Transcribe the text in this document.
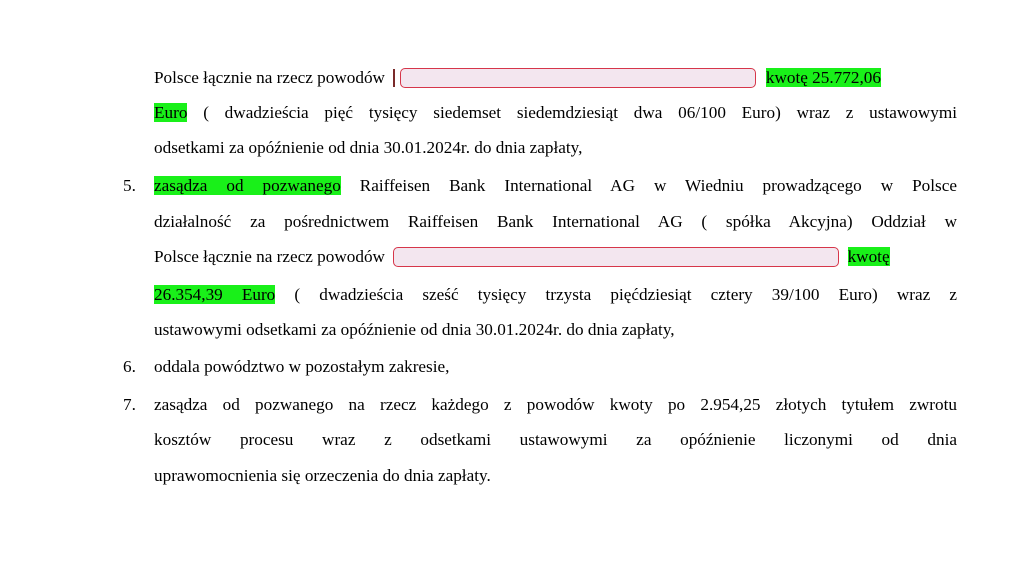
Polsce łącznie na rzecz powodów	kwotę 25.772,06
Euro ( dwadzieścia pięć tysięcy siedemset siedemdziesiąt dwa 06/100 Euro) wraz z ustawowymi
odsetkami za opóźnienie od dnia 30.01.2024r. do dnia zapłaty,
5. zasądza od pozwanego Raiffeisen Bank International AG w Wiedniu prowadzącego w Polsce
działalność za pośrednictwem Raiffeisen Bank International AG ( spółka Akcyjna) Oddział w
Polsce łącznie na rzecz powodów	kwotę
26.354,39 Euro ( dwadzieścia sześć tysięcy trzysta pięćdziesiąt cztery 39/100 Euro) wraz z
ustawowymi odsetkami za opóźnienie od dnia 30.01.2024r. do dnia zapłaty,
6. oddala powództwo w pozostałym zakresie,
7. zasądza od pozwanego na rzecz każdego z powodów kwoty po 2.954,25 złotych tytułem zwrotu
kosztów procesu wraz z odsetkami ustawowymi za opóźnienie liczonymi od dnia
uprawomocnienia się orzeczenia do dnia zapłaty.
